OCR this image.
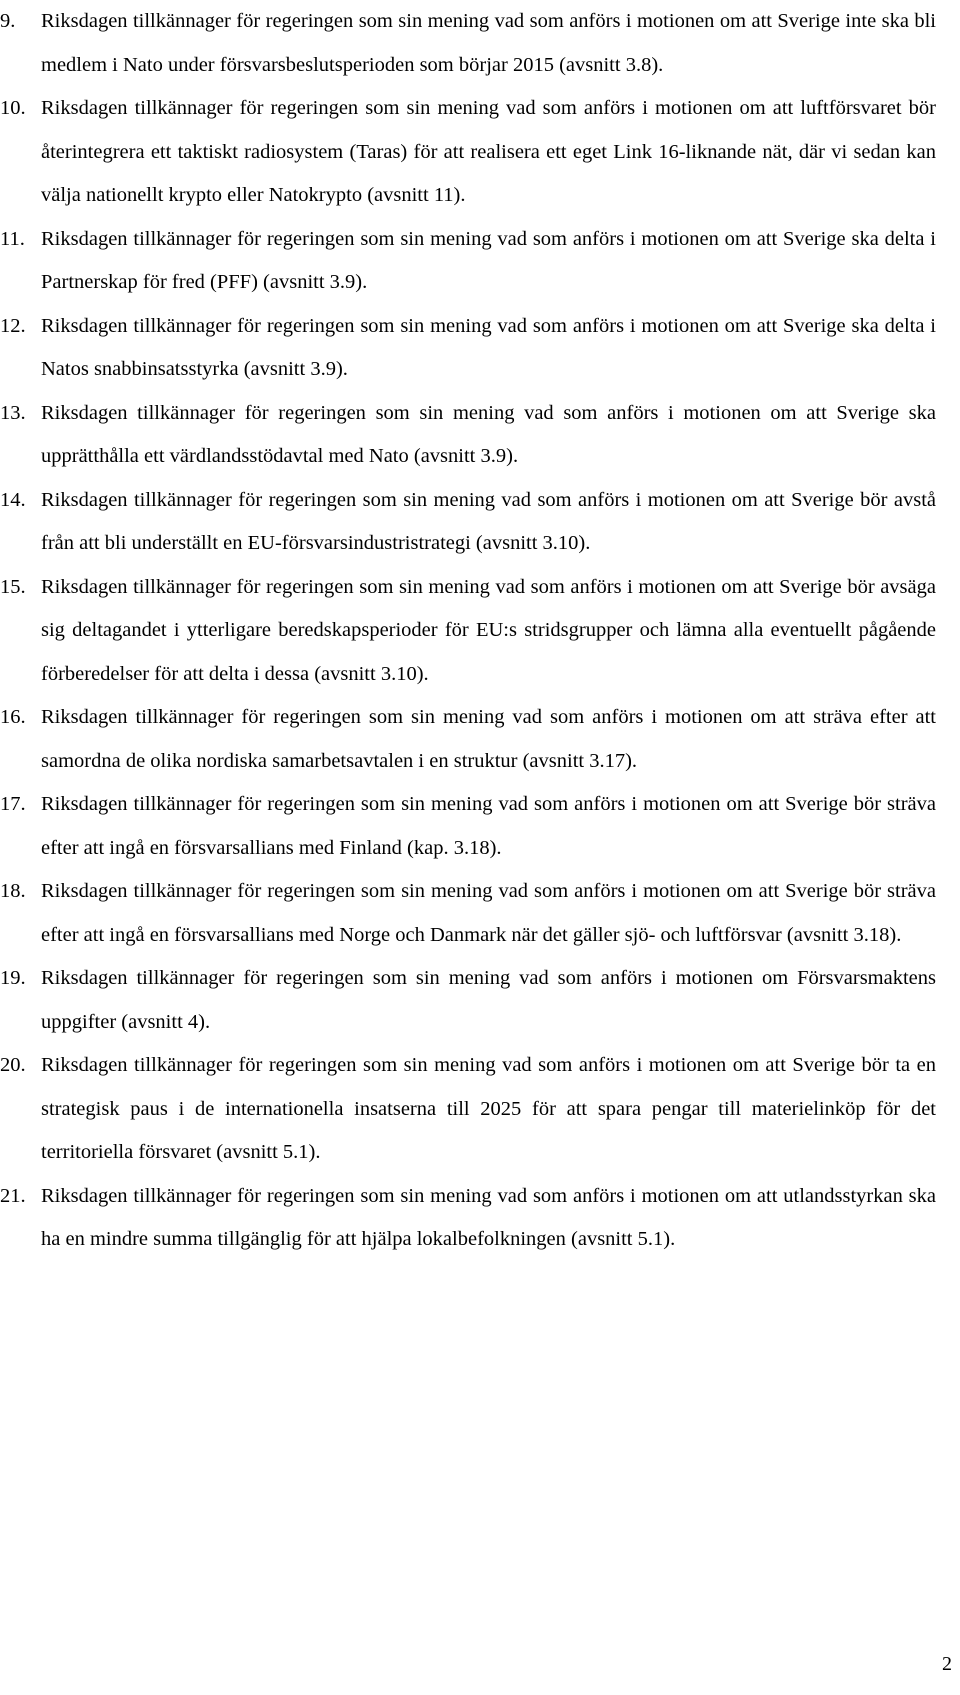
9.	Riksdagen tillkännager för regeringen som sin mening vad som anförs i motionen om att Sverige inte ska bli medlem i Nato under försvarsbeslutsperioden som börjar 2015 (avsnitt 3.8).
10. Riksdagen tillkännager för regeringen som sin mening vad som anförs i motionen om att luftförsvaret bör återintegrera ett taktiskt radiosystem (Taras) för att realisera ett eget Link 16-liknande nät, där vi sedan kan välja nationellt krypto eller Natokrypto (avsnitt 11).
11. Riksdagen tillkännager för regeringen som sin mening vad som anförs i motionen om att Sverige ska delta i Partnerskap för fred (PFF) (avsnitt 3.9).
12. Riksdagen tillkännager för regeringen som sin mening vad som anförs i motionen om att Sverige ska delta i Natos snabbinsatsstyrka (avsnitt 3.9).
13. Riksdagen tillkännager för regeringen som sin mening vad som anförs i motionen om att Sverige ska upprätthålla ett värdlandsstödavtal med Nato (avsnitt 3.9).
14. Riksdagen tillkännager för regeringen som sin mening vad som anförs i motionen om att Sverige bör avstå från att bli underställt en EU-försvarsindustristrategi (avsnitt 3.10).
15. Riksdagen tillkännager för regeringen som sin mening vad som anförs i motionen om att Sverige bör avsäga sig deltagandet i ytterligare beredskapsperioder för EU:s stridsgrupper och lämna alla eventuellt pågående förberedelser för att delta i dessa (avsnitt 3.10).
16. Riksdagen tillkännager för regeringen som sin mening vad som anförs i motionen om att sträva efter att samordna de olika nordiska samarbetsavtalen i en struktur (avsnitt 3.17).
17. Riksdagen tillkännager för regeringen som sin mening vad som anförs i motionen om att Sverige bör sträva efter att ingå en försvarsallians med Finland (kap. 3.18).
18. Riksdagen tillkännager för regeringen som sin mening vad som anförs i motionen om att Sverige bör sträva efter att ingå en försvarsallians med Norge och Danmark när det gäller sjö- och luftförsvar (avsnitt 3.18).
19. Riksdagen tillkännager för regeringen som sin mening vad som anförs i motionen om Försvarsmaktens uppgifter (avsnitt 4).
20. Riksdagen tillkännager för regeringen som sin mening vad som anförs i motionen om att Sverige bör ta en strategisk paus i de internationella insatserna till 2025 för att spara pengar till materielinköp för det territoriella försvaret (avsnitt 5.1).
21. Riksdagen tillkännager för regeringen som sin mening vad som anförs i motionen om att utlandsstyrkan ska ha en mindre summa tillgänglig för att hjälpa lokalbefolkningen (avsnitt 5.1).
2
